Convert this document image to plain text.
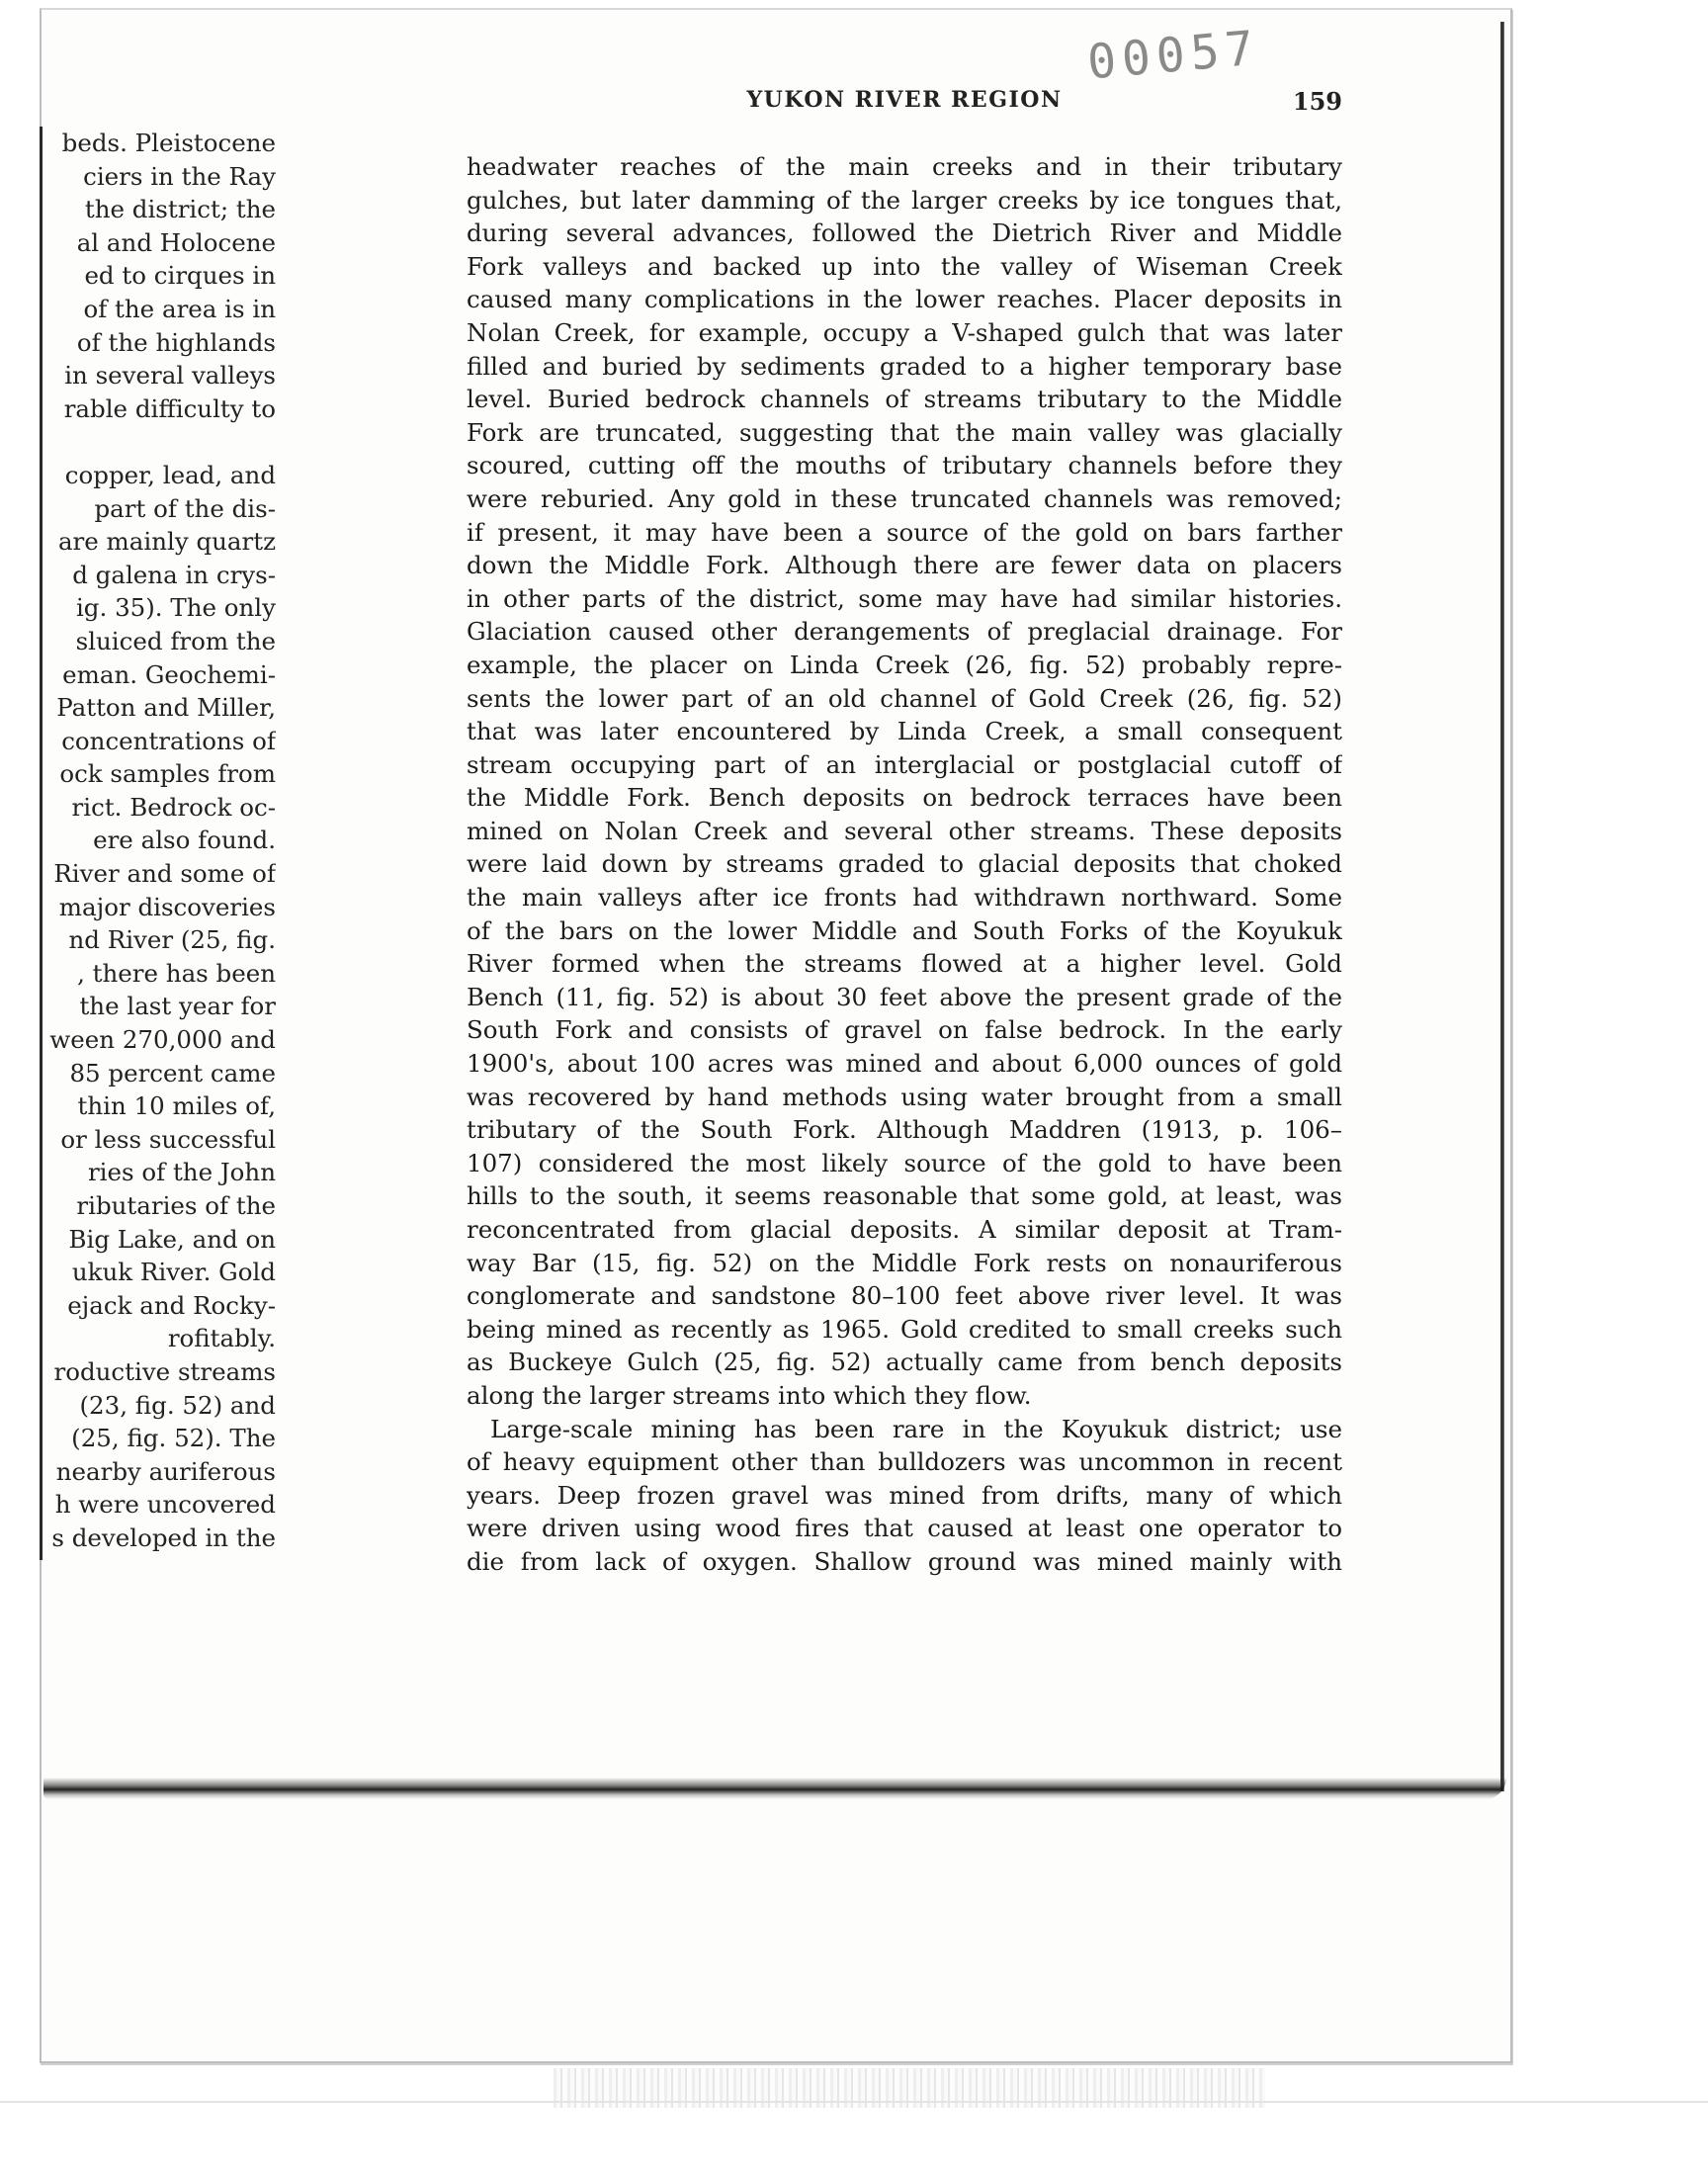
00057
YUKON RIVER REGION	159
beds. Pleistocene
ciers in the Ray
the district; the
al and Holocene
ed to cirques in
of the area is in
of the highlands
in several valleys
rable difficulty to
copper, lead, and
part of the dis-
are mainly quartz
d galena in crys-
ig. 35). The only
sluiced from the
eman. Geochemi-
Patton and Miller,
concentrations of
ock samples from
rict. Bedrock oc-
ere also found.
River and some of
major discoveries
nd River (25, fig.
, there has been
the last year for
ween 270,000 and
85 percent came
thin 10 miles of,
or less successful
ries of the John
ributaries of the
Big Lake, and on
ukuk River. Gold
ejack and Rocky-
rofitably.
roductive streams
(23, fig. 52) and
(25, fig. 52). The
nearby auriferous
h were uncovered
s developed in the
headwater reaches of the main creeks and in their tributary
gulches, but later damming of the larger creeks by ice tongues that,
during several advances, followed the Dietrich River and Middle
Fork valleys and backed up into the valley of Wiseman Creek
caused many complications in the lower reaches. Placer deposits in
Nolan Creek, for example, occupy a V-shaped gulch that was later
filled and buried by sediments graded to a higher temporary base
level. Buried bedrock channels of streams tributary to the Middle
Fork are truncated, suggesting that the main valley was glacially
scoured, cutting off the mouths of tributary channels before they
were reburied. Any gold in these truncated channels was removed;
if present, it may have been a source of the gold on bars farther
down the Middle Fork. Although there are fewer data on placers
in other parts of the district, some may have had similar histories.
Glaciation caused other derangements of preglacial drainage. For
example, the placer on Linda Creek (26, fig. 52) probably repre-
sents the lower part of an old channel of Gold Creek (26, fig. 52)
that was later encountered by Linda Creek, a small consequent
stream occupying part of an interglacial or postglacial cutoff of
the Middle Fork. Bench deposits on bedrock terraces have been
mined on Nolan Creek and several other streams. These deposits
were laid down by streams graded to glacial deposits that choked
the main valleys after ice fronts had withdrawn northward. Some
of the bars on the lower Middle and South Forks of the Koyukuk
River formed when the streams flowed at a higher level. Gold
Bench (11, fig. 52) is about 30 feet above the present grade of the
South Fork and consists of gravel on false bedrock. In the early
1900's, about 100 acres was mined and about 6,000 ounces of gold
was recovered by hand methods using water brought from a small
tributary of the South Fork. Although Maddren (1913, p. 106–
107) considered the most likely source of the gold to have been
hills to the south, it seems reasonable that some gold, at least, was
reconcentrated from glacial deposits. A similar deposit at Tram-
way Bar (15, fig. 52) on the Middle Fork rests on nonauriferous
conglomerate and sandstone 80–100 feet above river level. It was
being mined as recently as 1965. Gold credited to small creeks such
as Buckeye Gulch (25, fig. 52) actually came from bench deposits
along the larger streams into which they flow.
Large-scale mining has been rare in the Koyukuk district; use
of heavy equipment other than bulldozers was uncommon in recent
years. Deep frozen gravel was mined from drifts, many of which
were driven using wood fires that caused at least one operator to
die from lack of oxygen. Shallow ground was mined mainly with
